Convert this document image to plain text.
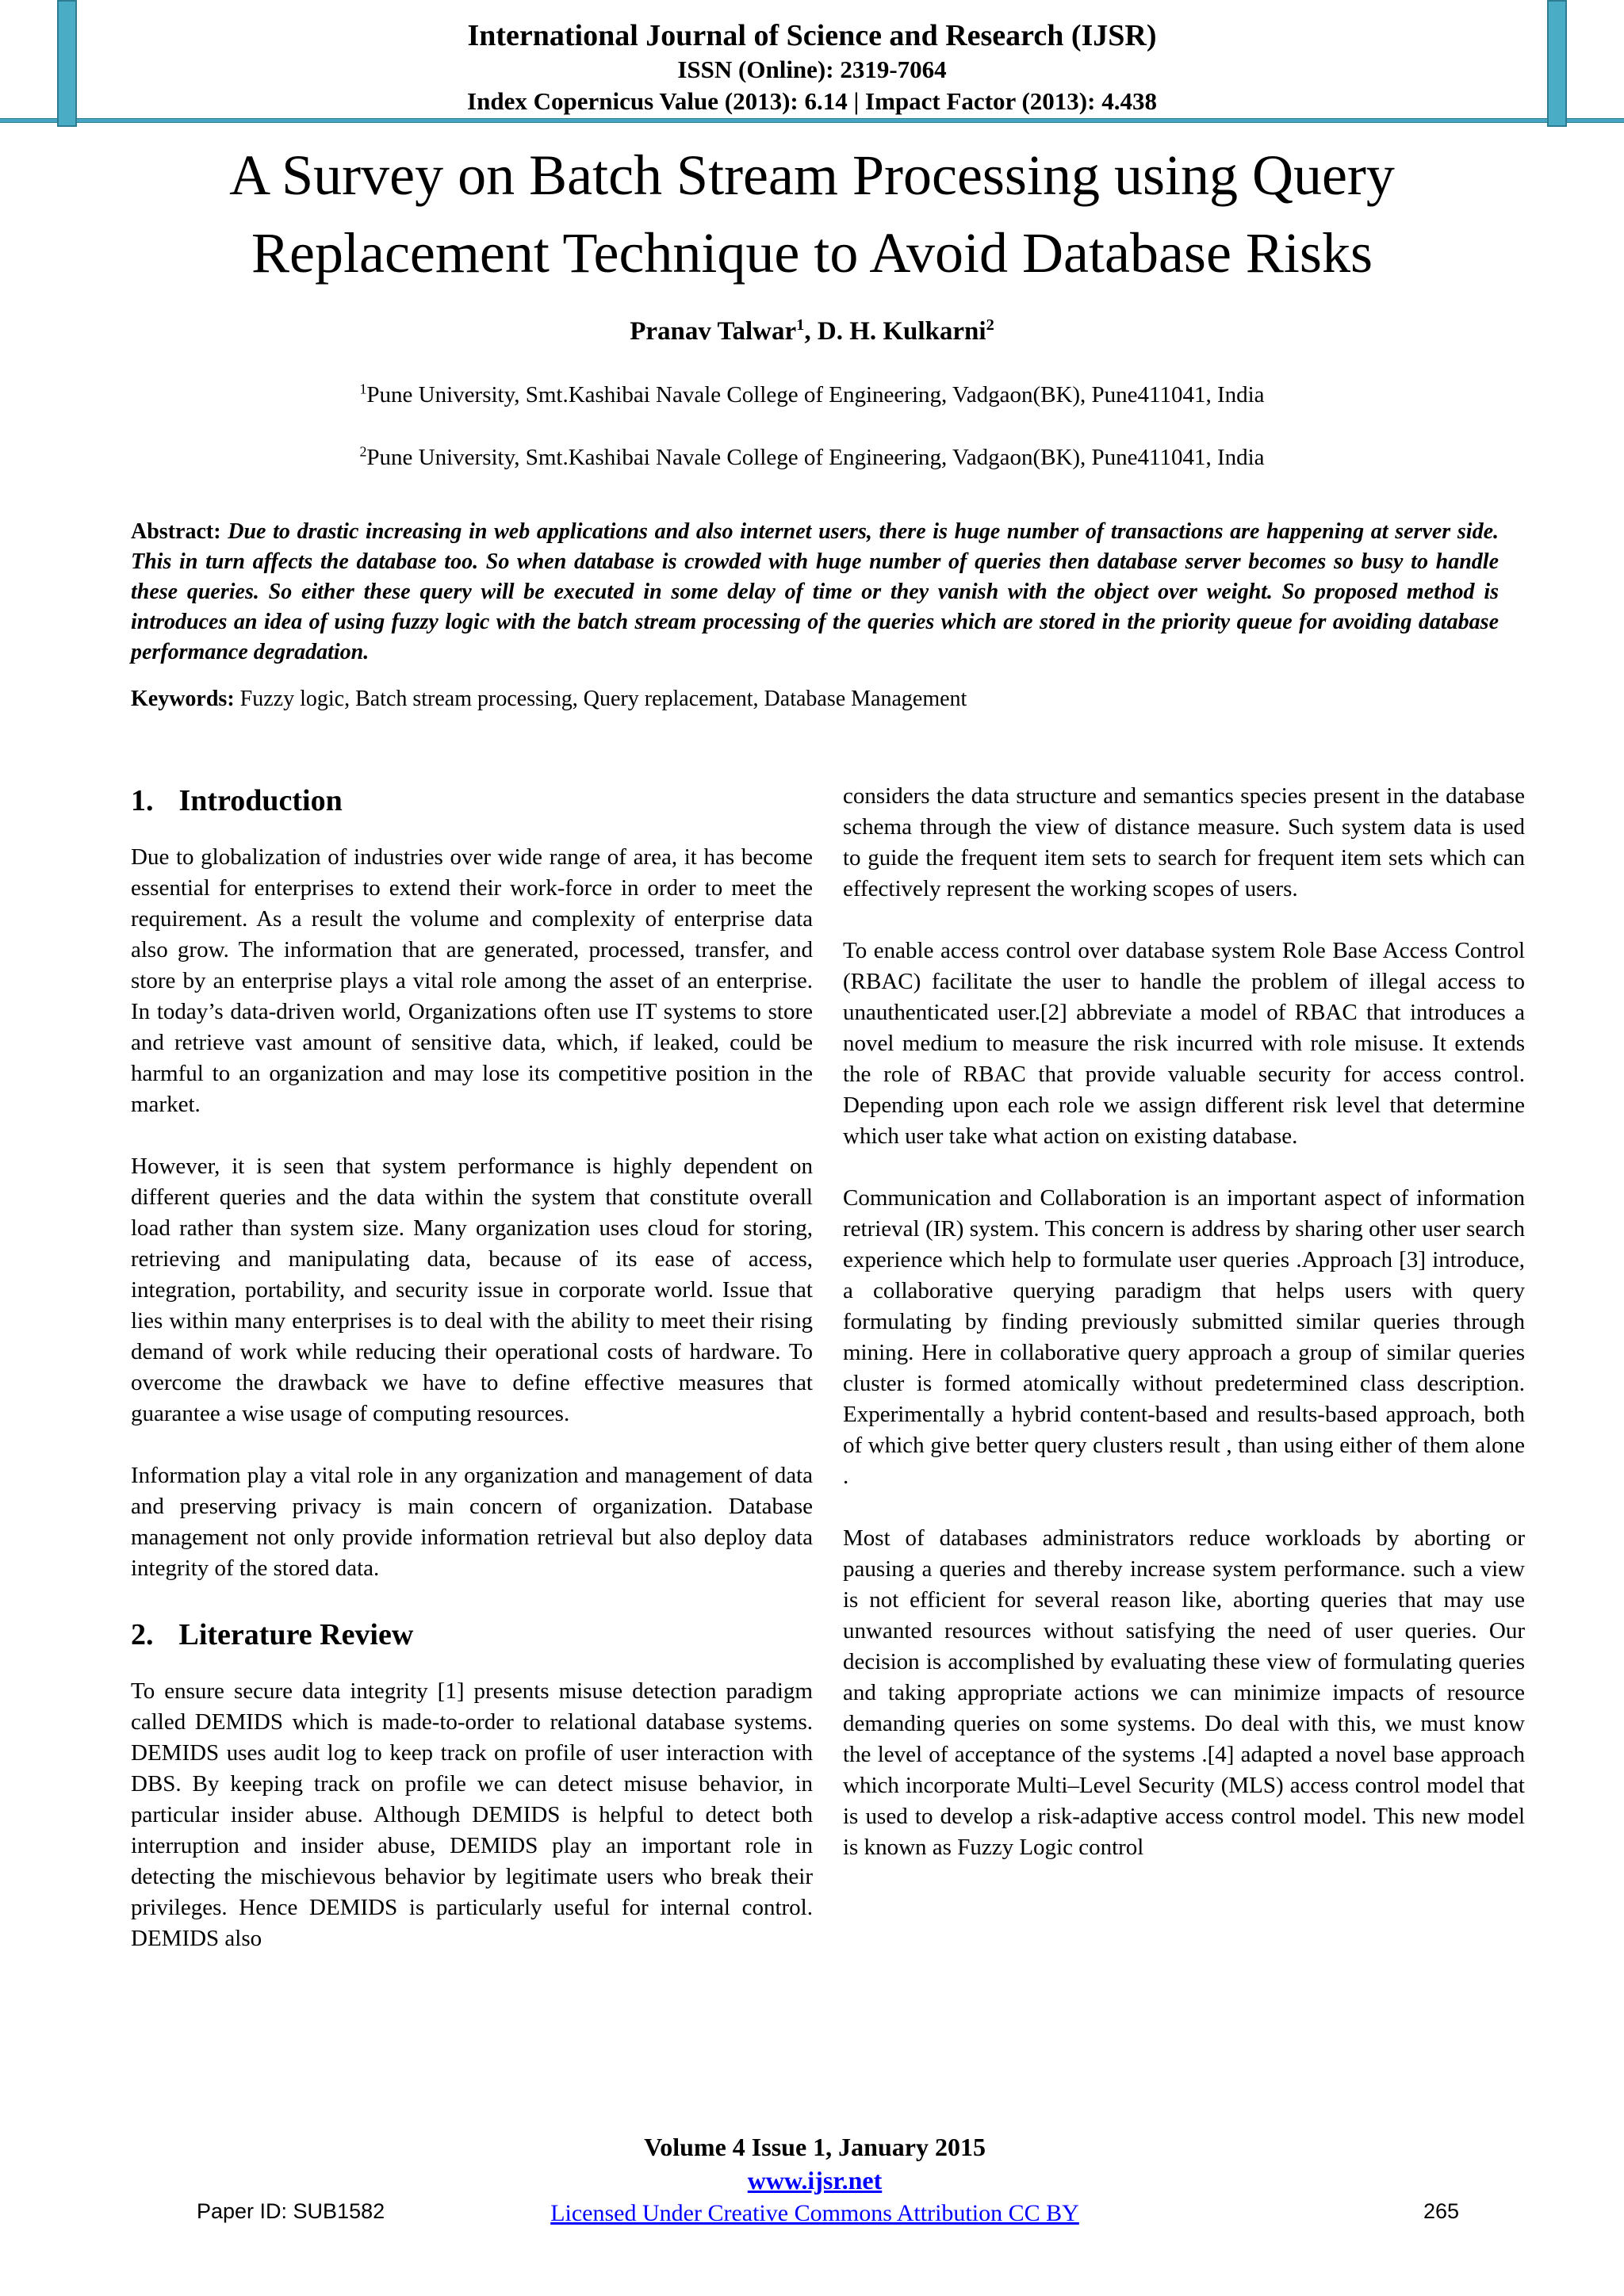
International Journal of Science and Research (IJSR)
ISSN (Online): 2319-7064
Index Copernicus Value (2013): 6.14 | Impact Factor (2013): 4.438
A Survey on Batch Stream Processing using Query Replacement Technique to Avoid Database Risks
Pranav Talwar$^1$, D. H. Kulkarni$^2$
$^1$Pune University, Smt.Kashibai Navale College of Engineering, Vadgaon(BK), Pune411041, India
$^2$Pune University, Smt.Kashibai Navale College of Engineering, Vadgaon(BK), Pune411041, India
Abstract: Due to drastic increasing in web applications and also internet users, there is huge number of transactions are happening at server side. This in turn affects the database too. So when database is crowded with huge number of queries then database server becomes so busy to handle these queries. So either these query will be executed in some delay of time or they vanish with the object over weight. So proposed method is introduces an idea of using fuzzy logic with the batch stream processing of the queries which are stored in the priority queue for avoiding database performance degradation.
Keywords: Fuzzy logic, Batch stream processing, Query replacement, Database Management
1. Introduction

Due to globalization of industries over wide range of area, it has become essential for enterprises to extend their work-force in order to meet the requirement. As a result the volume and complexity of enterprise data also grow. The information that are generated, processed, transfer, and store by an enterprise plays a vital role among the asset of an enterprise. In today’s data-driven world, Organizations often use IT systems to store and retrieve vast amount of sensitive data, which, if leaked, could be harmful to an organization and may lose its competitive position in the market.

However, it is seen that system performance is highly dependent on different queries and the data within the system that constitute overall load rather than system size. Many organization uses cloud for storing, retrieving and manipulating data, because of its ease of access, integration, portability, and security issue in corporate world. Issue that lies within many enterprises is to deal with the ability to meet their rising demand of work while reducing their operational costs of hardware. To overcome the drawback we have to define effective measures that guarantee a wise usage of computing resources.

Information play a vital role in any organization and management of data and preserving privacy is main concern of organization. Database management not only provide information retrieval but also deploy data integrity of the stored data.

2. Literature Review

To ensure secure data integrity [1] presents misuse detection paradigm called DEMIDS which is made-to-order to relational database systems. DEMIDS uses audit log to keep track on profile of user interaction with DBS. By keeping track on profile we can detect misuse behavior, in particular insider abuse. Although DEMIDS is helpful to detect both interruption and insider abuse, DEMIDS play an important role in detecting the mischievous behavior by legitimate users who break their privileges. Hence DEMIDS is particularly useful for internal control. DEMIDS also

considers the data structure and semantics species present in the database schema through the view of distance measure. Such system data is used to guide the frequent item sets to search for frequent item sets which can effectively represent the working scopes of users.

To enable access control over database system Role Base Access Control (RBAC) facilitate the user to handle the problem of illegal access to unauthenticated user.[2] abbreviate a model of RBAC that introduces a novel medium to measure the risk incurred with role misuse. It extends the role of RBAC that provide valuable security for access control. Depending upon each role we assign different risk level that determine which user take what action on existing database.

Communication and Collaboration is an important aspect of information retrieval (IR) system. This concern is address by sharing other user search experience which help to formulate user queries .Approach [3] introduce, a collaborative querying paradigm that helps users with query formulating by finding previously submitted similar queries through mining. Here in collaborative query approach a group of similar queries cluster is formed atomically without predetermined class description. Experimentally a hybrid content-based and results-based approach, both of which give better query clusters result , than using either of them alone .

Most of databases administrators reduce workloads by aborting or pausing a queries and thereby increase system performance. such a view is not efficient for several reason like, aborting queries that may use unwanted resources without satisfying the need of user queries. Our decision is accomplished by evaluating these view of formulating queries and taking appropriate actions we can minimize impacts of resource demanding queries on some systems. Do deal with this, we must know the level of acceptance of the systems .[4] adapted a novel base approach which incorporate Multi–Level Security (MLS) access control model that is used to develop a risk-adaptive access control model. This new model is known as Fuzzy Logic control

Volume 4 Issue 1, January 2015
www.ijsr.net
Licensed Under Creative Commons Attribution CC BY
Paper ID: SUB1582	265
